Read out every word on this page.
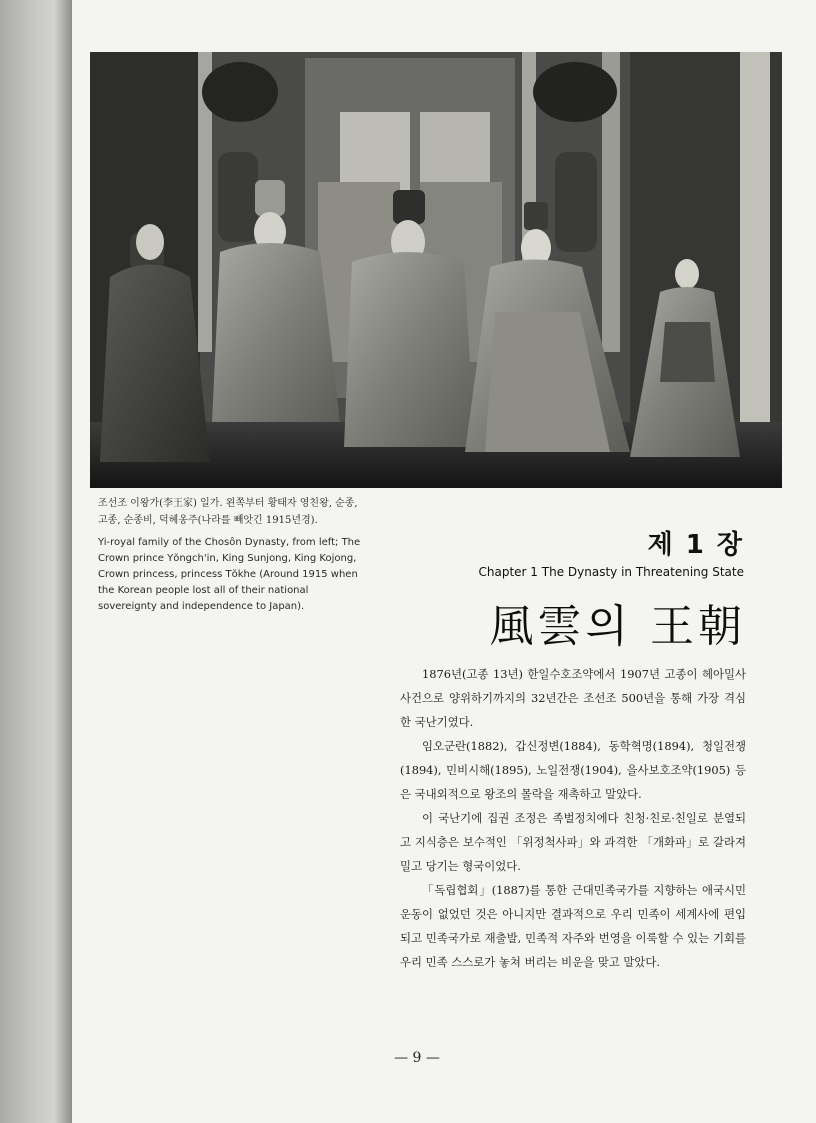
조선조 이왕가(李王家) 일가. 왼쪽부터 황태자 영친왕, 순종, 고종, 순종비, 덕혜옹주(나라를 빼앗긴 1915년경).
Yi-royal family of the Chosôn Dynasty, from left; The Crown prince Yŏngch'in, King Sunjong, King Kojong, Crown princess, princess Tŏkhe (Around 1915 when the Korean people lost all of their national sovereignty and independence to Japan).
제 1 장
Chapter 1 The Dynasty in Threatening State
風雲의 王朝

1876년(고종 13년) 한일수호조약에서 1907년 고종이 헤아밀사사건으로 양위하기까지의 32년간은 조선조 500년을 통해 가장 격심한 국난기였다.

임오군란(1882), 갑신정변(1884), 동학혁명(1894), 청일전쟁(1894), 민비시해(1895), 노일전쟁(1904), 을사보호조약(1905) 등은 국내외적으로 왕조의 몰락을 재촉하고 말았다.

이 국난기에 집권 조정은 족벌정치에다 친청·친로·친일로 분열되고 지식층은 보수적인 「위정척사파」와 과격한 「개화파」로 갈라져 밀고 당기는 형국이었다.

「독립협회」(1887)를 통한 근대민족국가를 지향하는 애국시민운동이 없었던 것은 아니지만 결과적으로 우리 민족이 세계사에 편입되고 민족국가로 재출발, 민족적 자주와 번영을 이룩할 수 있는 기회를 우리 민족 스스로가 놓쳐 버리는 비운을 맞고 말았다.

— 9 —
